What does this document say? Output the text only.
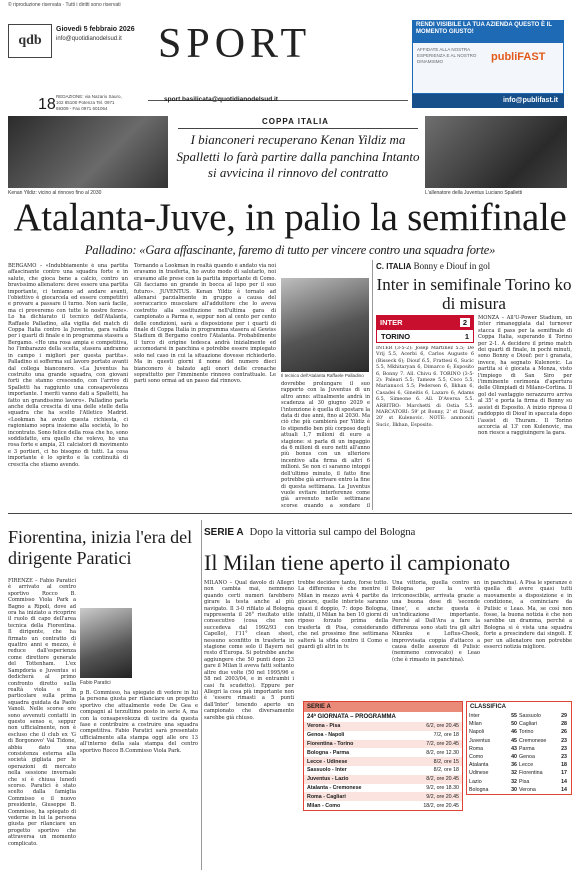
© riproduzione riservata · Tutti i diritti sono riservati
qdb
Giovedì 5 febbraio 2026
info@quotidianodelsud.it SPORT
18 REDAZIONE: via Nazario Sauro, 102 85100 Potenza Tel. 0971 69309 - Fax 0971 601064
sport.basilicata@quotidianodelsud.it
RENDI VISIBILE LA TUA AZIENDA QUESTO È IL MOMENTO GIUSTO!
AFFIDATE ALLA NOSTRA ESPERIENZA E AL NOSTRO DINAMISMO	publiFAST
info@publifast.it
Kenan Yildiz: vicino al rinnovo fino al 2030	L'allenatore della Juventus Luciano Spalletti
COPPA ITALIA
I bianconeri recuperano Kenan Yildiz ma Spalletti lo farà partire dalla panchina Intanto si avvicina il rinnovo del contratto
Atalanta-Juve, in palio la semifinale
Palladino: «Gara affascinante, faremo di tutto per vincere contro una squadra forte»
BERGAMO – «Indubbiamente è una partita affascinante contro una squadra forte e in salute, che gioca bene a calcio, contro un bravissimo allenatore: deve essere una partita importante, ci teniamo ad andare avanti, l'obiettivo è giocarcela ed essere competitivi e provare a passare il turno. Non sarà facile, ma ci proveremo con tutte le nostre forze». Lo ha dichiarato il tecnico dell'Atalanta, Raffaele Palladino, alla vigilia del match di Coppa Italia contro la Juventus, gara valida per i quarti di finale e in programma stasera a Bergamo. «Ho una rosa ampia e competitiva, ho l'imbarazzo della scelta, stasera andranno in campo i migliori per questa partita». Palladino si sofferma sul lavoro portato avanti dal collega bianconero. «La Juventus ha costruito una grande squadra, con giovani forti che stanno crescendo, con l'arrivo di Spalletti ha raggiunto una consapevolezza importante. I meriti vanno dati a Spalletti, ha fatto un grandissimo lavoro». Palladino parla anche della crescita di una delle stelle della squadra che ha scelto l'Atletico Madrid. «Lookman ha avuto questa richiesta, ci ragioniamo sopra insieme alla società, lo ho incontrato. Sono felice della rosa che ho, sono soddisfatto, era quello che volevo, ho una rosa forte e ampia, 21 calciatori di movimento e 3 portieri, ci ho bisogno di tutti. La cosa importante è lo spirito e la continuità di crescita che stiamo avendo.
Tornando a Lookman in realtà quando è andato via noi eravamo in trasferta, ho avuto modo di salutarlo, noi eravamo alle prese con la partita importante di Como. Gli facciamo un grande in bocca al lupo per il suo futuro». JUVENTUS. Kenan Yildiz è tornato ad allenarsi parzialmente in gruppo a causa del sovraccarico muscolare all'adduttore che lo aveva costretto alla sostituzione nell'ultima gara di campionato a Parma e, seppur non al cento per cento delle condizioni, sarà a disposizione per i quarti di finale di Coppa Italia in programma stasera al Gewiss Stadium di Bergamo contro l'Atalanta. Probabilmente il turco di origine tedesca andrà inizialmente ed accomodarsi in panchina e potrebbe essere impiegato solo nel caso in cui la situazione dovesse richiederlo. Ma in questi giorni il nome del numero dieci bianconero è balzato agli onori delle cronache soprattutto per l'imminente rinnovo contrattuale. Le parti sono ormai ad un passo dal rinnovo.
Il tecnico dell'Atalanta Raffaele Palladino
dovrebbe prolungare il suo rapporto con la Juventus di un altro anno: attualmente andrà in scadenza al 30 giugno 2029 e l'intenzione è quella di spostare la data di due anni, fino al 2030. Ma ciò che più cambierà per Yildiz è lo stipendio ben più corposo degli attuali 1,7 milioni di euro a stagione: si parla di un ingaggio da 6 milioni di euro netti all'anno più bonus con un ulteriore incentivo alla firma di altri 6 milioni. Se non ci saranno intoppi dell'ultimo minuto, il fatto fine potrebbe già arrivare entro la fine di questa settimana. La Juventus vuole evitare interferenze come già avvenuto nelle settimane scorse quando a sondare il
C. ITALIA Bonny e Diouf in gol
Inter in semifinale Torino ko di misura
INTER	2
TORINO	1
INTER (3-5-2): Josep Martinez 5.5; De Vrij 5.5, Acerbi 6, Carlos Augusto 6 (Bisseck 6); Diouf 6.5, Frattesi 6, Sucic 5.5, Mkhitaryan 6, Dimarco 6; Esposito 6, Bonny 7. All. Chivu 6. TORINO (3-5-2): Paleari 5.5; Tameze 5.5, Coco 5.5, Marianucci 5.5; Pedersen 6, Ilkhan 6, Casadei 6, Gineitis 6, Lazaro 6; Adams 6.5, Simeone 6. All. D'Aversa 5.5. ARBITRO: Marchetti di Ostia 5.5. MARCATORI: 59' pt Bonny, 2' st Diouf, 20' st Kulenovic. NOTE: ammoniti Sucic, Ilkhan, Esposito.
MONZA – All'U-Power Stadium, un Inter rimaneggiata dal turnover stacca il pass per la semifinale di Coppa Italia, superando il Torino per 2-1. A decidere il primo match dei quarti di finale, in pochi minuti, sono Bonny e Diouf: per i granata, invece, ha segnato Kulenovic. La partita si è giocata a Monza, visto l'impiego di San Siro per l'imminente cerimonia d'apertura delle Olimpiadi di Milano-Cortina. Il gol del vantaggio nerazzurro arriva al 35' e porta la firma di Bonny su assist di Esposito. A inizio ripresa il raddoppio di Diouf in spaccata dopo l'assist di Thuram. Il Torino accorcia al 13' con Kulenovic, ma non riesce a raggiuingere la gara.
Fiorentina, inizia l'era del dirigente Paratici
FIRENZE – Fabio Paratici è arrivato al centro sportivo Rocco B. Commisso Viola Park a Bagno a Ripoli, dove ad ora ha iniziato a ricoprire il ruolo di capo dell'area tecnica della Fiorentina. Il dirigente, che ha firmato un contratto di quattro anni e mezzo, è reduce dall'esperienza come direttore generale del Tottenham. L'ex Sampdoria e Juventus si dedicherà al primo confronto diretto sulla realtà viola e in particolare sulla prima squadra guidata da Paolo Vanoli. Nelle scorse ore sono avvenuti contatti in questo senso e, seppur non ufficialmente, non è escluso che il club ex 'G di Borgonovo' Val Tidone, abbia dato una consistenza esterna alla società gigliata per le operazioni di mercato nella sessione invernale che si è chiusa lunedì scorso. Paratici è stato scelto dalla famiglia Commisso e il nuovo presidente, Giuseppe B. Commisso, ha spiegato di vederne in lui la persona giusta per rilanciare un progetto sportivo che attraversa un momento complicato.
Fabio Paratici
p B. Commisso, ha spiegato di vedere in lui la persona giusta per rilanciare un progetto sportivo che attualmente vede De Gea e compagni al terzultimo posto in serie A, ma con la consapevolezza di uscire da questa fase e contribuire a costruire una squadra competitiva. Fabio Paratici sarà presentato ufficialmente alla stampa oggi alle ore 13 all'interno della sala stampa del centro sportivo Rocco B.Commisso Viola Park.
SERIE A Dopo la vittoria sul campo del Bologna
Il Milan tiene aperto il campionato
MILANO – Qual davolo di Allegri non cambia mai, nemmeno quando certi numeri farebbero girare la testa anche al più navigato. Il 3-0 rifilato al Bologna rappresenta il 26° risultato utile consecutivo (cosa che non succedeva dal 1992/93 con Capello), l'11° clean sheet, nessuno sconfitto in trasferta in stagione come solo il Bayern nel resto d'Europa. Si potrebbe anche aggiungere che 50 punti dopo 23 gare il Milan li aveva fatti soltanto altre due volte (50 nel 1995/96 e 58 nel 2003/04, e in entrambi i casi fu scudetto). Eppure per Allegri la cosa più importante non è 'essere rimasti a 5 punti dall'Inter' tenendo aperto un campionato che diversamente sarebbe già chiuso.
trebbe decidere tanto, forse tutto. La differenza è che mentre il Milan in mezzo avrà 4 partite da giocare, quelle interiste saranno quasi il doppio, 7: dopo Bologna, infatti, il Milan ha ben 10 giorni di riposo forzato prima della trasferta di Pisa, considerando che nel prossimo fine settimana salterà la sfida contro il Como e guardi gli altri in tv.
Una vittoria, quella contro un Bologna per la verità irriconoscibile, arrivata grazie a una buona dose di 'seconde linee', e anche questa è un'indicazione importante. Perché al Dall'Ara a fare la differenza sono stati tra gli altri Nkunku e Loftus-Cheek, improvvisata coppia d'attacco a causa delle assenze di Pulisic (nemmeno convocato) e Leao (che è rimasto in panchina).
in panchina). A Pisa le speranze è quella di avere quasi tutti nuovamente a disposizione e in condizione, a cominciare da Pulisic e Leao. Ma, se così non fosse, la buona notizia è che non sarebbe un dramma, perché a Bologna si è vista una squadra forte a prescindere dai singoli. E per un allenatore non potrebbe esserci notizia migliore.
SERIE A
24ª GIORNATA – PROGRAMMA
Verona - Pisa	6/2, ore 20.45
Genoa - Napoli	7/2, ore 18
Fiorentina - Torino	7/2, ore 20.45
Bologna - Parma	8/2, ore 12.30
Lecce - Udinese	8/2, ore 15
Sassuolo - Inter	8/2, ore 18
Juventus - Lazio	8/2, ore 20.45
Atalanta - Cremonese	9/2, ore 18.30
Roma - Cagliari	9/2, ore 20.45
Milan - Como	18/2, ore 20.45
CLASSIFICA
Inter	55 Sassuolo	29
Milan	50 Cagliari	28
Napoli	46 Torino	26
Juventus	45 Cremonese	23
Roma	43 Parma	23
Como	40 Genoa	23
Atalanta	36 Lecce	18
Udinese	32 Fiorentina	17
Lazio	32 Pisa	14
Bologna	30 Verona	14
